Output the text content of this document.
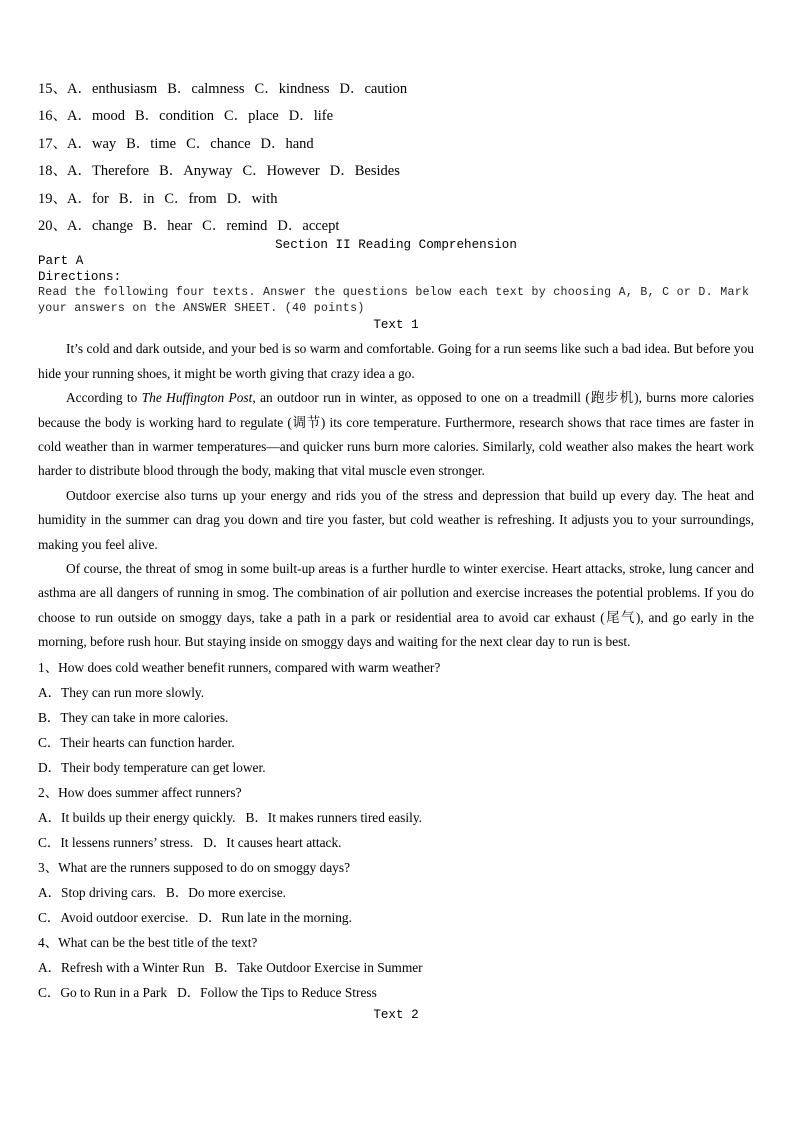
15、A．enthusiasm B．calmness C．kindness D．caution
16、A．mood B．condition C．place D．life
17、A．way B．time C．chance D．hand
18、A．Therefore B．Anyway C．However D．Besides
19、A．for B．in C．from D．with
20、A．change B．hear C．remind D．accept
Section II Reading Comprehension
Part A
Directions:
Read the following four texts. Answer the questions below each text by choosing A, B, C or D. Mark your answers on the ANSWER SHEET. (40 points)
Text 1

It’s cold and dark outside, and your bed is so warm and comfortable. Going for a run seems like such a bad idea. But before you hide your running shoes, it might be worth giving that crazy idea a go.

According to The Huffington Post, an outdoor run in winter, as opposed to one on a treadmill (跑步机), burns more calories because the body is working hard to regulate (调节) its core temperature. Furthermore, research shows that race times are faster in cold weather than in warmer temperatures—and quicker runs burn more calories. Similarly, cold weather also makes the heart work harder to distribute blood through the body, making that vital muscle even stronger.

Outdoor exercise also turns up your energy and rids you of the stress and depression that build up every day. The heat and humidity in the summer can drag you down and tire you faster, but cold weather is refreshing. It adjusts you to your surroundings, making you feel alive.

Of course, the threat of smog in some built-up areas is a further hurdle to winter exercise. Heart attacks, stroke, lung cancer and asthma are all dangers of running in smog. The combination of air pollution and exercise increases the potential problems. If you do choose to run outside on smoggy days, take a path in a park or residential area to avoid car exhaust (尾气), and go early in the morning, before rush hour. But staying inside on smoggy days and waiting for the next clear day to run is best.

1、How does cold weather benefit runners, compared with warm weather?
A．They can run more slowly.
B．They can take in more calories.
C．Their hearts can function harder.
D．Their body temperature can get lower.
2、How does summer affect runners?
A．It builds up their energy quickly. B．It makes runners tired easily.
C．It lessens runners’ stress. D．It causes heart attack.
3、What are the runners supposed to do on smoggy days?
A．Stop driving cars. B．Do more exercise.
C．Avoid outdoor exercise. D．Run late in the morning.
4、What can be the best title of the text?
A．Refresh with a Winter Run B．Take Outdoor Exercise in Summer
C．Go to Run in a Park D．Follow the Tips to Reduce Stress
Text 2
